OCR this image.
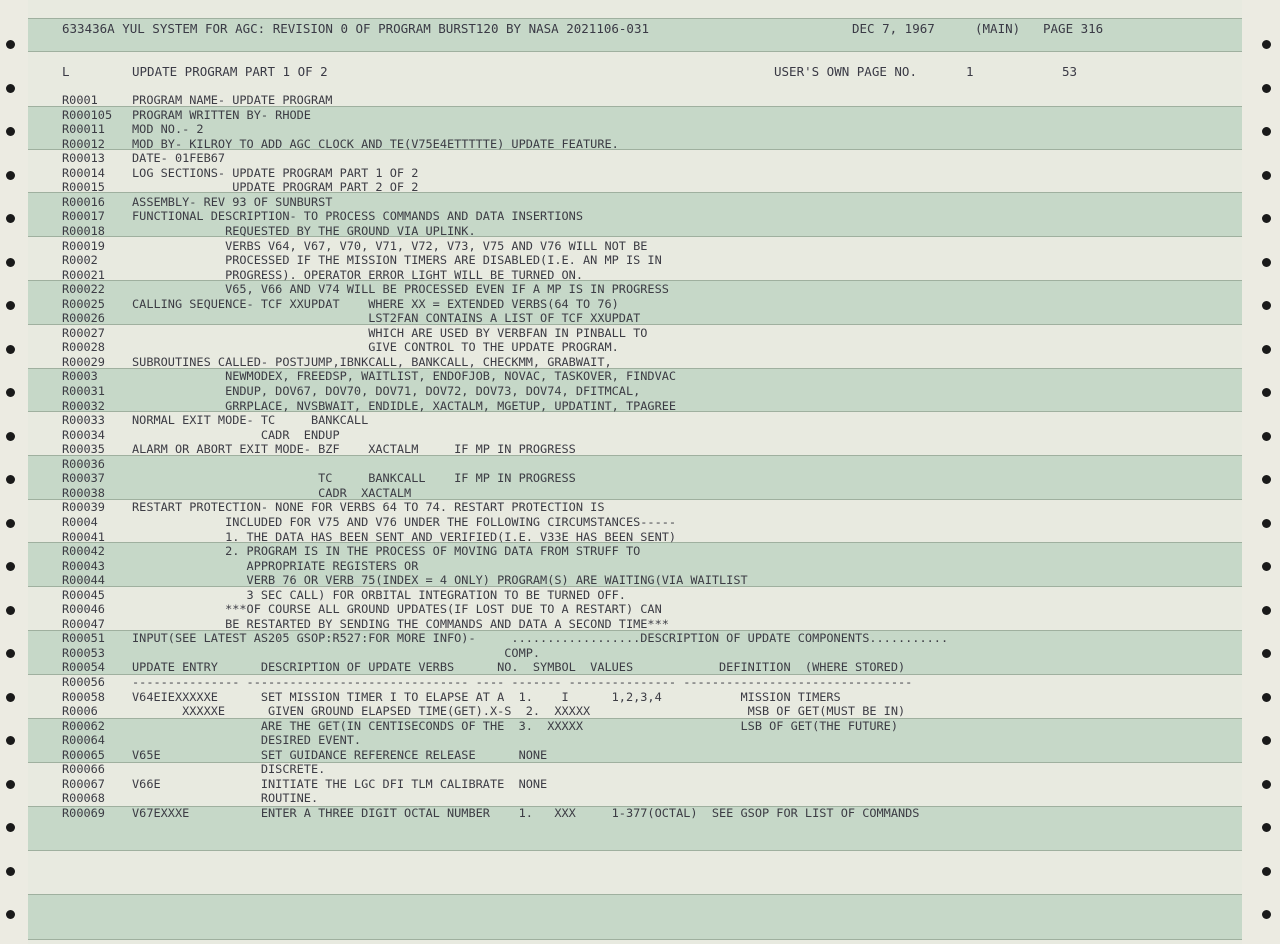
633436A YUL SYSTEM FOR AGC: REVISION 0 OF PROGRAM BURST120 BY NASA 2021106-031	DEC 7, 1967	(MAIN) PAGE 316
L	UPDATE PROGRAM PART 1 OF 2	USER'S OWN PAGE NO.	1	53
R0001	PROGRAM NAME- UPDATE PROGRAM
R000105 PROGRAM WRITTEN BY- RHODE
R00011 MOD NO.- 2
R00012 MOD BY- KILROY TO ADD AGC CLOCK AND TE(V75E4ETTTTTE) UPDATE FEATURE.
R00013 DATE- 01FEB67
R00014 LOG SECTIONS- UPDATE PROGRAM PART 1 OF 2
R00015 UPDATE PROGRAM PART 2 OF 2
R00016 ASSEMBLY- REV 93 OF SUNBURST
R00017 FUNCTIONAL DESCRIPTION- TO PROCESS COMMANDS AND DATA INSERTIONS
R00018 REQUESTED BY THE GROUND VIA UPLINK.
R00019 VERBS V64, V67, V70, V71, V72, V73, V75 AND V76 WILL NOT BE
R0002	PROCESSED IF THE MISSION TIMERS ARE DISABLED(I.E. AN MP IS IN
R00021 PROGRESS). OPERATOR ERROR LIGHT WILL BE TURNED ON.
R00022 V65, V66 AND V74 WILL BE PROCESSED EVEN IF A MP IS IN PROGRESS
R00025 CALLING SEQUENCE- TCF XXUPDAT    WHERE XX = EXTENDED VERBS(64 TO 76)
R00026 LST2FAN CONTAINS A LIST OF TCF XXUPDAT
R00027 WHICH ARE USED BY VERBFAN IN PINBALL TO
R00028 GIVE CONTROL TO THE UPDATE PROGRAM.
R00029 SUBROUTINES CALLED- POSTJUMP,IBNKCALL, BANKCALL, CHECKMM, GRABWAIT,
R0003	NEWMODEX, FREEDSP, WAITLIST, ENDOFJOB, NOVAC, TASKOVER, FINDVAC
R00031 ENDUP, DOV67, DOV70, DOV71, DOV72, DOV73, DOV74, DFITMCAL,
R00032 GRRPLACE, NVSBWAIT, ENDIDLE, XACTALM, MGETUP, UPDATINT, TPAGREE
R00033 NORMAL EXIT MODE- TC     BANKCALL
R00034 CADR  ENDUP
R00035 ALARM OR ABORT EXIT MODE- BZF    XACTALM     IF MP IN PROGRESS
R00036
R00037 TC     BANKCALL    IF MP IN PROGRESS
R00038 CADR  XACTALM
R00039 RESTART PROTECTION- NONE FOR VERBS 64 TO 74. RESTART PROTECTION IS
R0004	INCLUDED FOR V75 AND V76 UNDER THE FOLLOWING CIRCUMSTANCES-----
R00041 1. THE DATA HAS BEEN SENT AND VERIFIED(I.E. V33E HAS BEEN SENT)
R00042 2. PROGRAM IS IN THE PROCESS OF MOVING DATA FROM STRUFF TO
R00043 APPROPRIATE REGISTERS OR
R00044 VERB 76 OR VERB 75(INDEX = 4 ONLY) PROGRAM(S) ARE WAITING(VIA WAITLIST
R00045 3 SEC CALL) FOR ORBITAL INTEGRATION TO BE TURNED OFF.
R00046 ***OF COURSE ALL GROUND UPDATES(IF LOST DUE TO A RESTART) CAN
R00047 BE RESTARTED BY SENDING THE COMMANDS AND DATA A SECOND TIME***
R00051 INPUT(SEE LATEST AS205 GSOP:R527:FOR MORE INFO)-     ..................DESCRIPTION OF UPDATE COMPONENTS...........
R00053 COMP.
R00054 UPDATE ENTRY      DESCRIPTION OF UPDATE VERBS      NO.  SYMBOL  VALUES            DEFINITION  (WHERE STORED)
R00056 --------------- ------------------------------- ---- ------- --------------- --------------------------------
R00058 V64EIEXXXXXE      SET MISSION TIMER I TO ELAPSE AT A  1.    I      1,2,3,4           MISSION TIMERS
R0006	XXXXXE      GIVEN GROUND ELAPSED TIME(GET).X-S  2.  XXXXX                      MSB OF GET(MUST BE IN)
R00062 ARE THE GET(IN CENTISECONDS OF THE  3.  XXXXX                      LSB OF GET(THE FUTURE)
R00064 DESIRED EVENT.
R00065 V65E              SET GUIDANCE REFERENCE RELEASE      NONE
R00066 DISCRETE.
R00067 V66E              INITIATE THE LGC DFI TLM CALIBRATE  NONE
R00068 ROUTINE.
R00069 V67EXXXE          ENTER A THREE DIGIT OCTAL NUMBER    1.   XXX     1-377(OCTAL)  SEE GSOP FOR LIST OF COMMANDS
